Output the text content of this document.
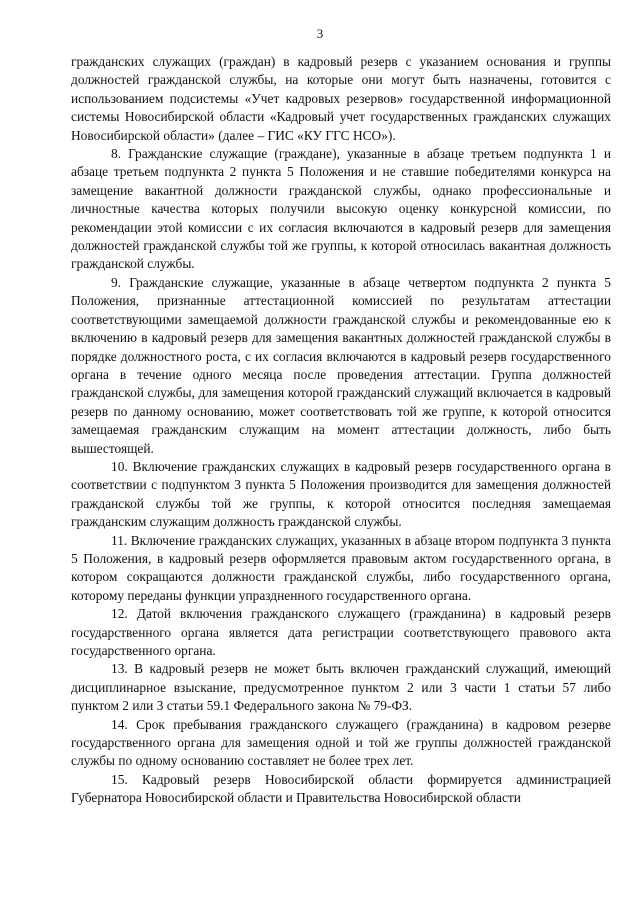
3

гражданских служащих (граждан) в кадровый резерв с указанием основания и группы должностей гражданской службы, на которые они могут быть назначены, готовится с использованием подсистемы «Учет кадровых резервов» государственной информационной системы Новосибирской области «Кадровый учет государственных гражданских служащих Новосибирской области» (далее – ГИС «КУ ГГС НСО»).

8. Гражданские служащие (граждане), указанные в абзаце третьем подпункта 1 и абзаце третьем подпункта 2 пункта 5 Положения и не ставшие победителями конкурса на замещение вакантной должности гражданской службы, однако профессиональные и личностные качества которых получили высокую оценку конкурсной комиссии, по рекомендации этой комиссии с их согласия включаются в кадровый резерв для замещения должностей гражданской службы той же группы, к которой относилась вакантная должность гражданской службы.

9. Гражданские служащие, указанные в абзаце четвертом подпункта 2 пункта 5 Положения, признанные аттестационной комиссией по результатам аттестации соответствующими замещаемой должности гражданской службы и рекомендованные ею к включению в кадровый резерв для замещения вакантных должностей гражданской службы в порядке должностного роста, с их согласия включаются в кадровый резерв государственного органа в течение одного месяца после проведения аттестации. Группа должностей гражданской службы, для замещения которой гражданский служащий включается в кадровый резерв по данному основанию, может соответствовать той же группе, к которой относится замещаемая гражданским служащим на момент аттестации должность, либо быть вышестоящей.

10. Включение гражданских служащих в кадровый резерв государственного органа в соответствии с подпунктом 3 пункта 5 Положения производится для замещения должностей гражданской службы той же группы, к которой относится последняя замещаемая гражданским служащим должность гражданской службы.

11. Включение гражданских служащих, указанных в абзаце втором подпункта 3 пункта 5 Положения, в кадровый резерв оформляется правовым актом государственного органа, в котором сокращаются должности гражданской службы, либо государственного органа, которому переданы функции упраздненного государственного органа.

12. Датой включения гражданского служащего (гражданина) в кадровый резерв государственного органа является дата регистрации соответствующего правового акта государственного органа.

13. В кадровый резерв не может быть включен гражданский служащий, имеющий дисциплинарное взыскание, предусмотренное пунктом 2 или 3 части 1 статьи 57 либо пунктом 2 или 3 статьи 59.1 Федерального закона № 79-ФЗ.

14. Срок пребывания гражданского служащего (гражданина) в кадровом резерве государственного органа для замещения одной и той же группы должностей гражданской службы по одному основанию составляет не более трех лет.

15. Кадровый резерв Новосибирской области формируется администрацией Губернатора Новосибирской области и Правительства Новосибирской области
